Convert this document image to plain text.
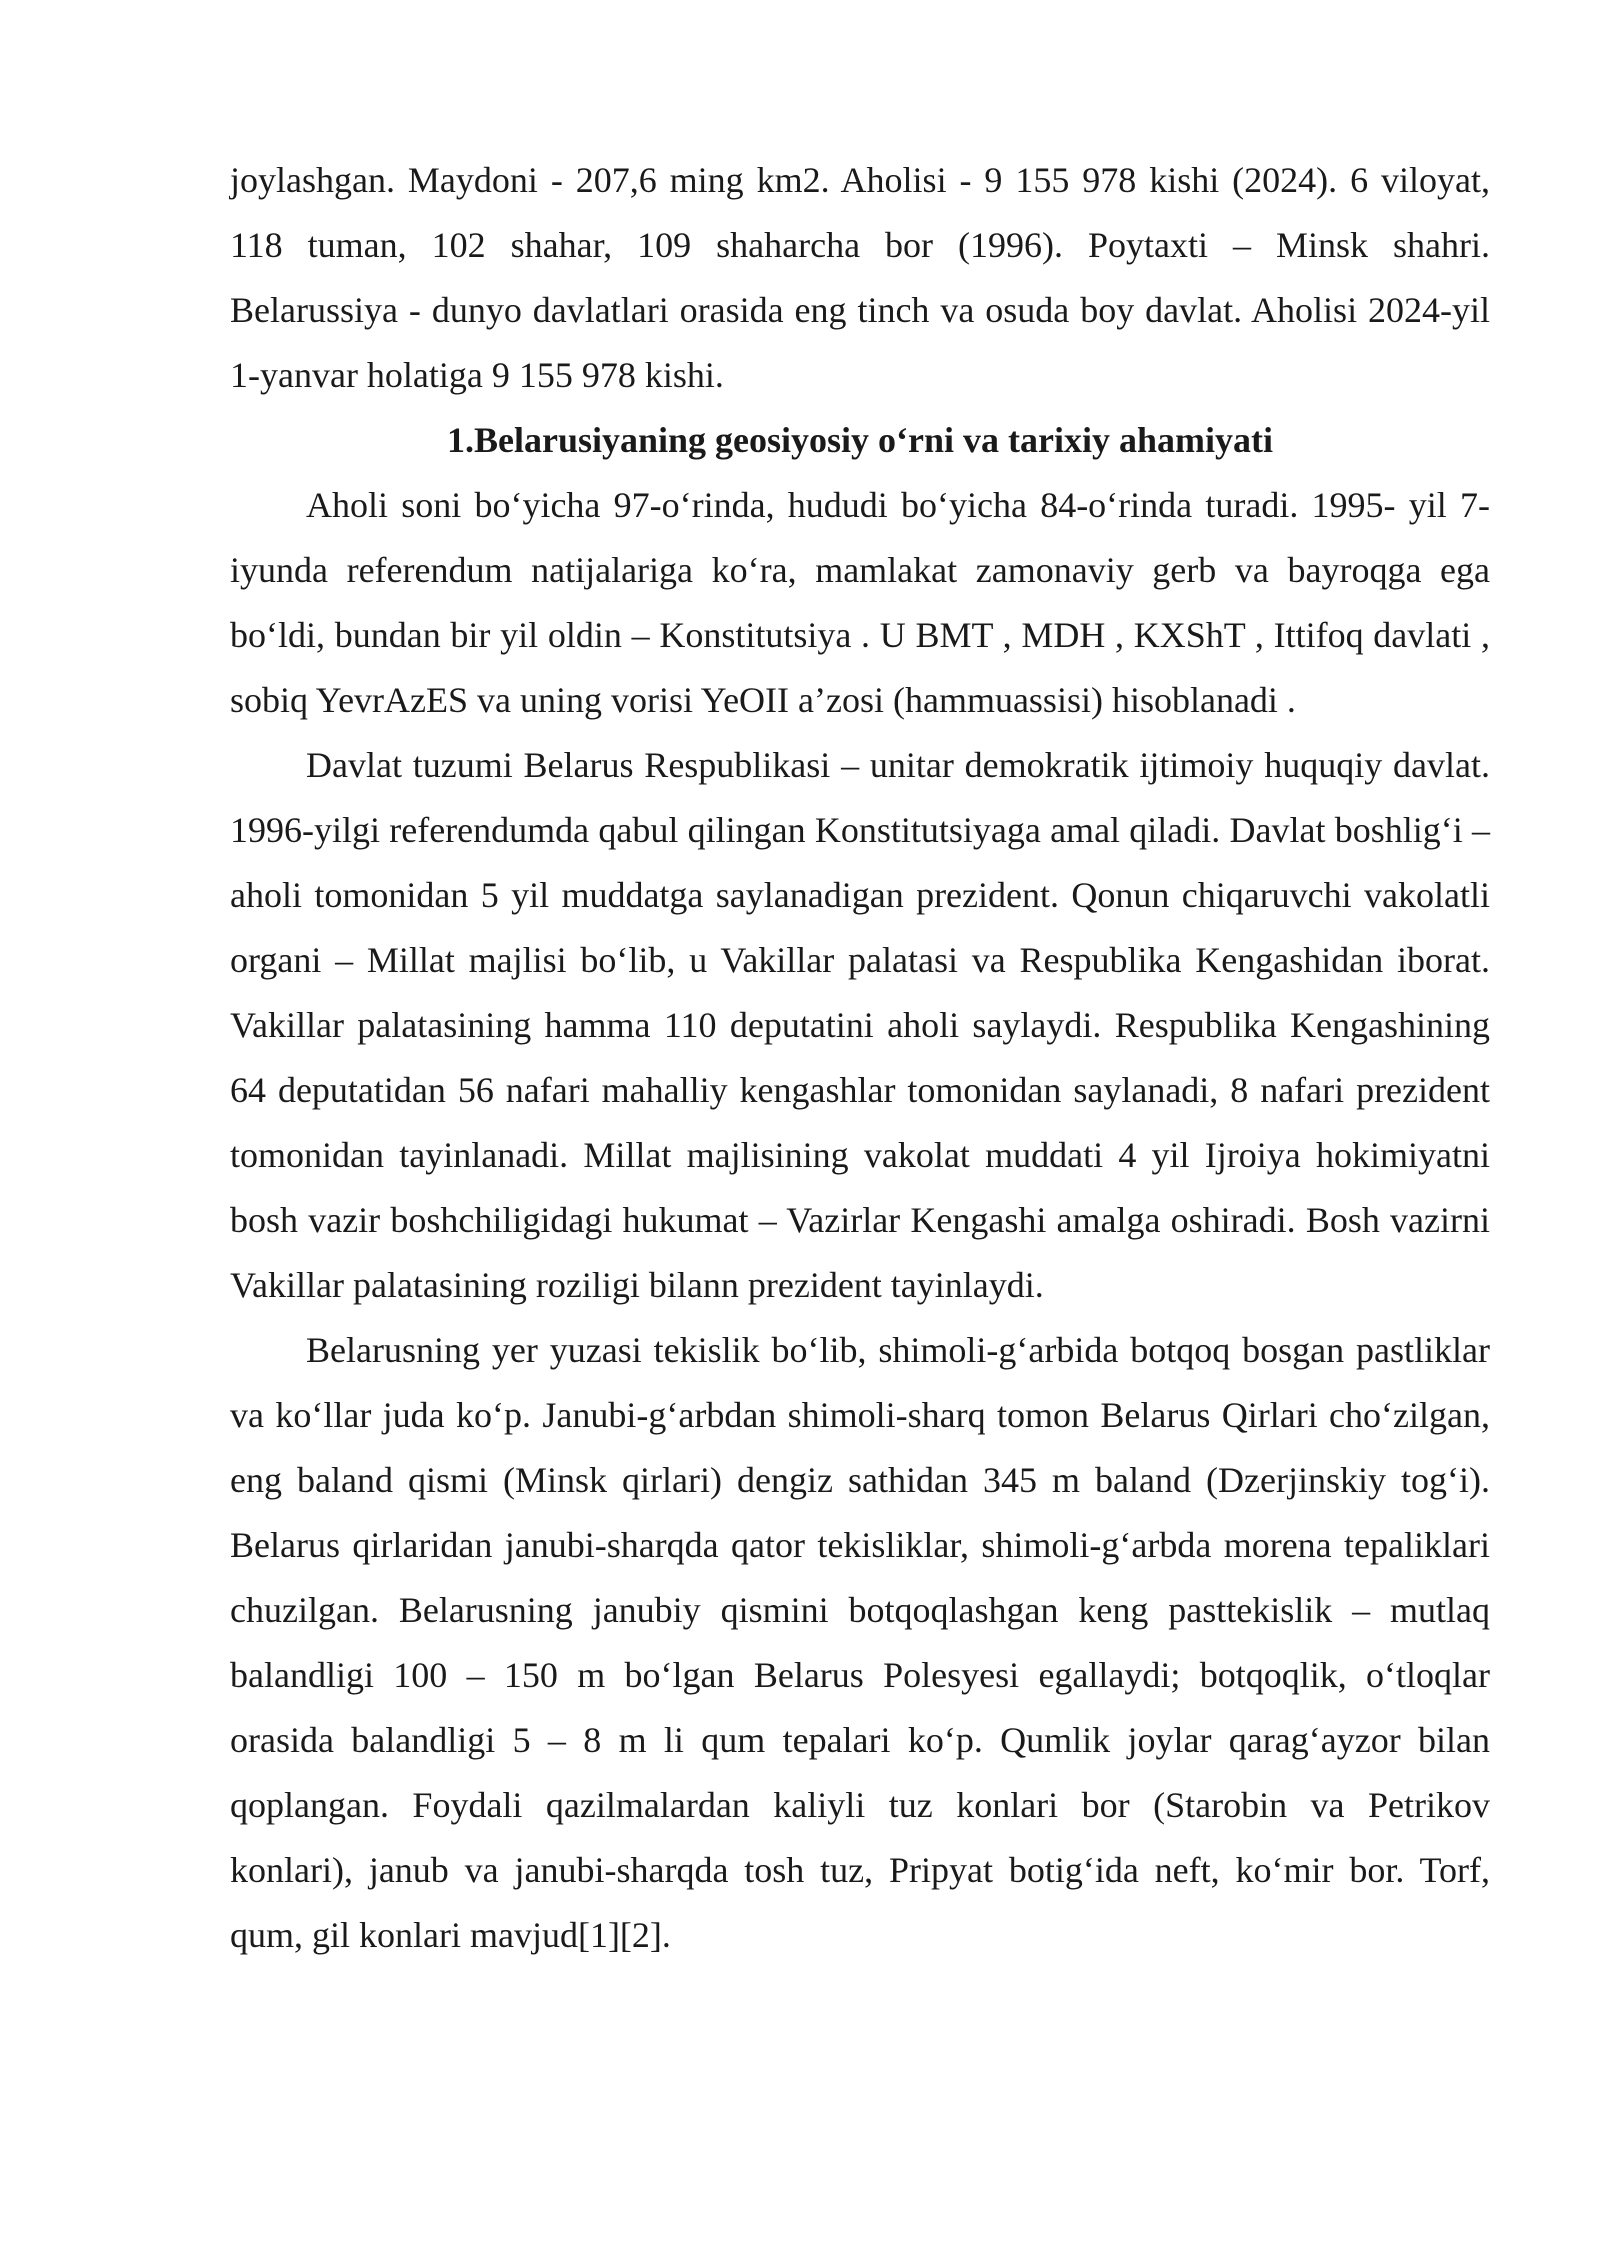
joylashgan. Maydoni - 207,6 ming km2. Aholisi - 9 155 978 kishi (2024). 6 viloyat, 118 tuman, 102 shahar, 109 shaharcha bor (1996). Poytaxti – Minsk shahri. Belarussiya - dunyo davlatlari orasida eng tinch va osuda boy davlat. Aholisi 2024-yil 1-yanvar holatiga 9 155 978 kishi.

1.Belarusiyaning geosiyosiy o‘rni va tarixiy ahamiyati

Aholi soni bo‘yicha 97-o‘rinda, hududi bo‘yicha 84-o‘rinda turadi. 1995- yil 7-iyunda referendum natijalariga ko‘ra, mamlakat zamonaviy gerb va bayroqga ega bo‘ldi, bundan bir yil oldin – Konstitutsiya . U BMT , MDH , KXShT , Ittifoq davlati , sobiq YevrAzES va uning vorisi YeOII a’zosi (hammuassisi) hisoblanadi .

Davlat tuzumi Belarus Respublikasi – unitar demokratik ijtimoiy huquqiy davlat. 1996-yilgi referendumda qabul qilingan Konstitutsiyaga amal qiladi. Davlat boshlig‘i – aholi tomonidan 5 yil muddatga saylanadigan prezident. Qonun chiqaruvchi vakolatli organi – Millat majlisi bo‘lib, u Vakillar palatasi va Respublika Kengashidan iborat. Vakillar palatasining hamma 110 deputatini aholi saylaydi. Respublika Kengashining 64 deputatidan 56 nafari mahalliy kengashlar tomonidan saylanadi, 8 nafari prezident tomonidan tayinlanadi. Millat majlisining vakolat muddati 4 yil Ijroiya hokimiyatni bosh vazir boshchiligidagi hukumat – Vazirlar Kengashi amalga oshiradi. Bosh vazirni Vakillar palatasining roziligi bilann prezident tayinlaydi.

Belarusning yer yuzasi tekislik bo‘lib, shimoli-g‘arbida botqoq bosgan pastliklar va ko‘llar juda ko‘p. Janubi-g‘arbdan shimoli-sharq tomon Belarus Qirlari cho‘zilgan, eng baland qismi (Minsk qirlari) dengiz sathidan 345 m baland (Dzerjinskiy tog‘i). Belarus qirlaridan janubi-sharqda qator tekisliklar, shimoli-g‘arbda morena tepaliklari chuzilgan. Belarusning janubiy qismini botqoqlashgan keng pasttekislik – mutlaq balandligi 100 – 150 m bo‘lgan Belarus Polesyesi egallaydi; botqoqlik, o‘tloqlar orasida balandligi 5 – 8 m li qum tepalari ko‘p. Qumlik joylar qarag‘ayzor bilan qoplangan. Foydali qazilmalardan kaliyli tuz konlari bor (Starobin va Petrikov konlari), janub va janubi-sharqda tosh tuz, Pripyat botig‘ida neft, ko‘mir bor. Torf, qum, gil konlari mavjud[1][2].
